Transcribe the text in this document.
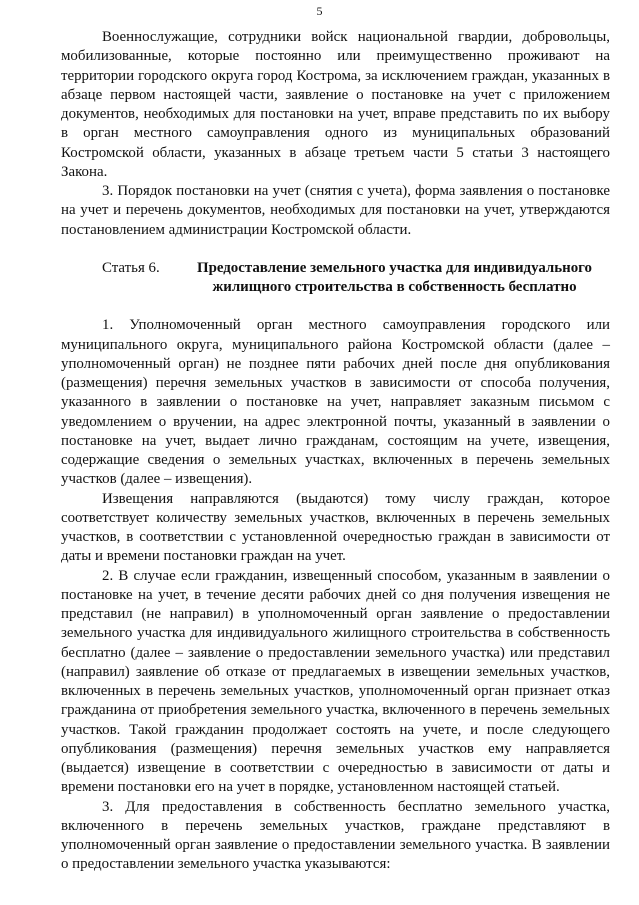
5

Военнослужащие, сотрудники войск национальной гвардии, добровольцы, мобилизованные, которые постоянно или преимущественно проживают на территории городского округа город Кострома, за исключением граждан, указанных в абзаце первом настоящей части, заявление о постановке на учет с приложением документов, необходимых для постановки на учет, вправе представить по их выбору в орган местного самоуправления одного из муниципальных образований Костромской области, указанных в абзаце третьем части 5 статьи 3 настоящего Закона.

3. Порядок постановки на учет (снятия с учета), форма заявления о постановке на учет и перечень документов, необходимых для постановки на учет, утверждаются постановлением администрации Костромской области.

Статья 6.	Предоставление земельного участка для индивидуального жилищного строительства в собственность бесплатно

1. Уполномоченный орган местного самоуправления городского или муниципального округа, муниципального района Костромской области (далее – уполномоченный орган) не позднее пяти рабочих дней после дня опубликования (размещения) перечня земельных участков в зависимости от способа получения, указанного в заявлении о постановке на учет, направляет заказным письмом с уведомлением о вручении, на адрес электронной почты, указанный в заявлении о постановке на учет, выдает лично гражданам, состоящим на учете, извещения, содержащие сведения о земельных участках, включенных в перечень земельных участков (далее – извещения).

Извещения направляются (выдаются) тому числу граждан, которое соответствует количеству земельных участков, включенных в перечень земельных участков, в соответствии с установленной очередностью граждан в зависимости от даты и времени постановки граждан на учет.

2. В случае если гражданин, извещенный способом, указанным в заявлении о постановке на учет, в течение десяти рабочих дней со дня получения извещения не представил (не направил) в уполномоченный орган заявление о предоставлении земельного участка для индивидуального жилищного строительства в собственность бесплатно (далее – заявление о предоставлении земельного участка) или представил (направил) заявление об отказе от предлагаемых в извещении земельных участков, включенных в перечень земельных участков, уполномоченный орган признает отказ гражданина от приобретения земельного участка, включенного в перечень земельных участков. Такой гражданин продолжает состоять на учете, и после следующего опубликования (размещения) перечня земельных участков ему направляется (выдается) извещение в соответствии с очередностью в зависимости от даты и времени постановки его на учет в порядке, установленном настоящей статьей.

3. Для предоставления в собственность бесплатно земельного участка, включенного в перечень земельных участков, граждане представляют в уполномоченный орган заявление о предоставлении земельного участка. В заявлении о предоставлении земельного участка указываются:
